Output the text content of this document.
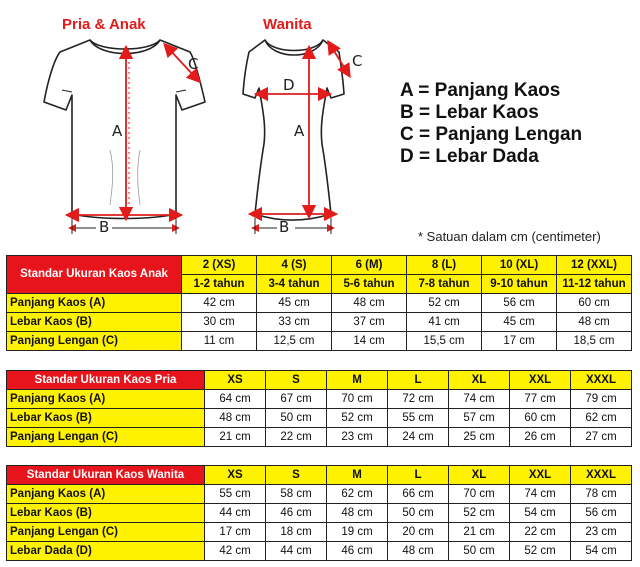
Pria & Anak	Wanita
A
B
C
A
B
C
D	A = Panjang Kaos
B = Lebar Kaos
C = Panjang Lengan
D = Lebar Dada
* Satuan dalam cm (centimeter)
Standar Ukuran Kaos Anak	2 (XS)	4 (S)	6 (M)	8 (L)	10 (XL)	12 (XXL)
	1-2 tahun	3-4 tahun	5-6 tahun	7-8 tahun	9-10 tahun	11-12 tahun
Panjang Kaos (A)	42 cm	45 cm	48 cm	52 cm	56 cm	60 cm
Lebar Kaos (B)	30 cm	33 cm	37 cm	41 cm	45 cm	48 cm
Panjang Lengan (C)	11 cm	12,5 cm	14 cm	15,5 cm	17 cm	18,5 cm
Standar Ukuran Kaos Pria	XS	S	M	L	XL	XXL	XXXL
Panjang Kaos (A)	64 cm	67 cm	70 cm	72 cm	74 cm	77 cm	79 cm
Lebar Kaos (B)	48 cm	50 cm	52 cm	55 cm	57 cm	60 cm	62 cm
Panjang Lengan (C)	21 cm	22 cm	23 cm	24 cm	25 cm	26 cm	27 cm
Standar Ukuran Kaos Wanita	XS	S	M	L	XL	XXL	XXXL
Panjang Kaos (A)	55 cm	58 cm	62 cm	66 cm	70 cm	74 cm	78 cm
Lebar Kaos (B)	44 cm	46 cm	48 cm	50 cm	52 cm	54 cm	56 cm
Panjang Lengan (C)	17 cm	18 cm	19 cm	20 cm	21 cm	22 cm	23 cm
Lebar Dada (D)	42 cm	44 cm	46 cm	48 cm	50 cm	52 cm	54 cm
